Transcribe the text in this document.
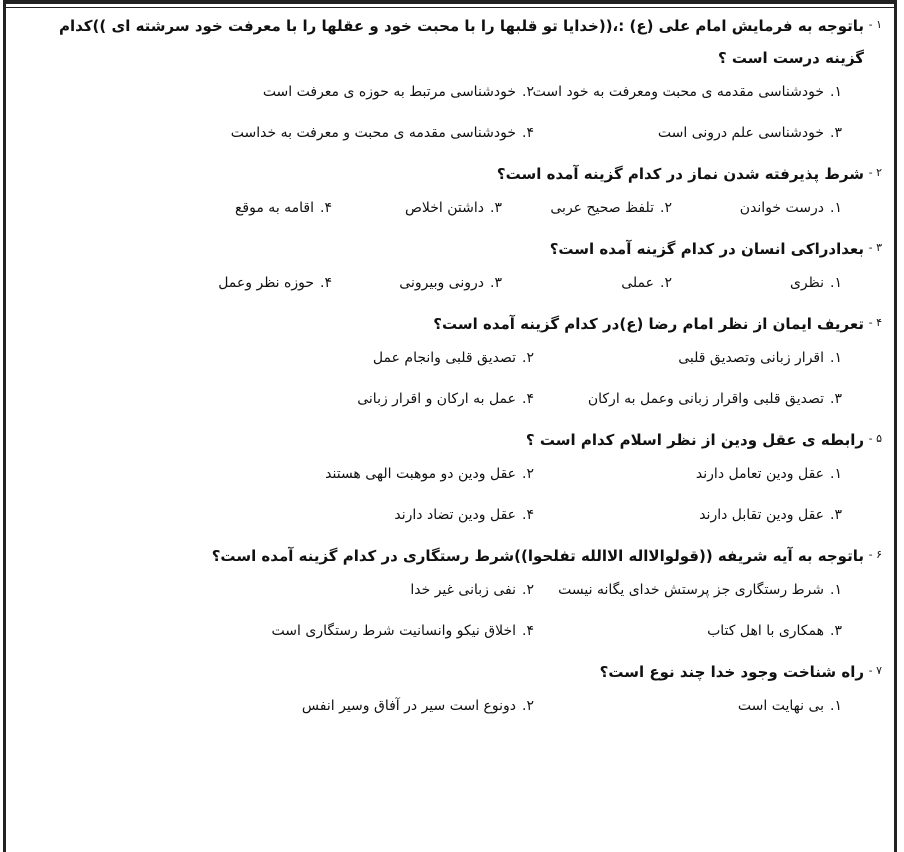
۱ -
باتوجه به فرمایش امام علی (ع) :،((خدایا تو قلبها را با محبت خود و عقلها را با معرفت خود سرشته ای ))کدام گزینه درست است ؟
۱.خودشناسی مقدمه ی محبت ومعرفت به خود است
۲.خودشناسی مرتبط به حوزه ی معرفت است
۳.خودشناسی علم درونی است
۴.خودشناسی مقدمه ی محبت و معرفت به خداست
۲ -
شرط پذیرفته شدن نماز در کدام گزینه آمده است؟
۱.درست خواندن
۲.تلفظ صحیح عربی
۳.داشتن اخلاص
۴.اقامه به موقع
۳ -
بعدادراکی انسان در کدام گزینه آمده است؟
۱.نظری
۲.عملی
۳.درونی وبیرونی
۴.حوزه نظر وعمل
۴ -
تعریف ایمان از نظر امام رضا (ع)در کدام گزینه آمده است؟
۱.اقرار زبانی وتصدیق قلبی
۲.تصدیق قلبی وانجام عمل
۳.تصدیق قلبی واقرار زبانی وعمل به ارکان
۴.عمل به ارکان و اقرار زبانی
۵ -
رابطه ی عقل ودین از نظر اسلام کدام است ؟
۱.عقل ودین تعامل دارند
۲.عقل ودین دو موهبت الهی هستند
۳.عقل ودین تقابل دارند
۴.عقل ودین تضاد دارند
۶ -
باتوجه به آیه شریفه ((قولوالااله الاالله تفلحوا))شرط رستگاری در کدام گزینه آمده است؟
۱.شرط رستگاری جز پرستش خدای یگانه نیست
۲.نفی زبانی غیر خدا
۳.همکاری با اهل کتاب
۴.اخلاق نیکو وانسانیت شرط رستگاری است
۷ -
راه شناخت وجود خدا چند نوع است؟
۱.بی نهایت است
۲.دونوع است سیر در آفاق وسیر انفس
